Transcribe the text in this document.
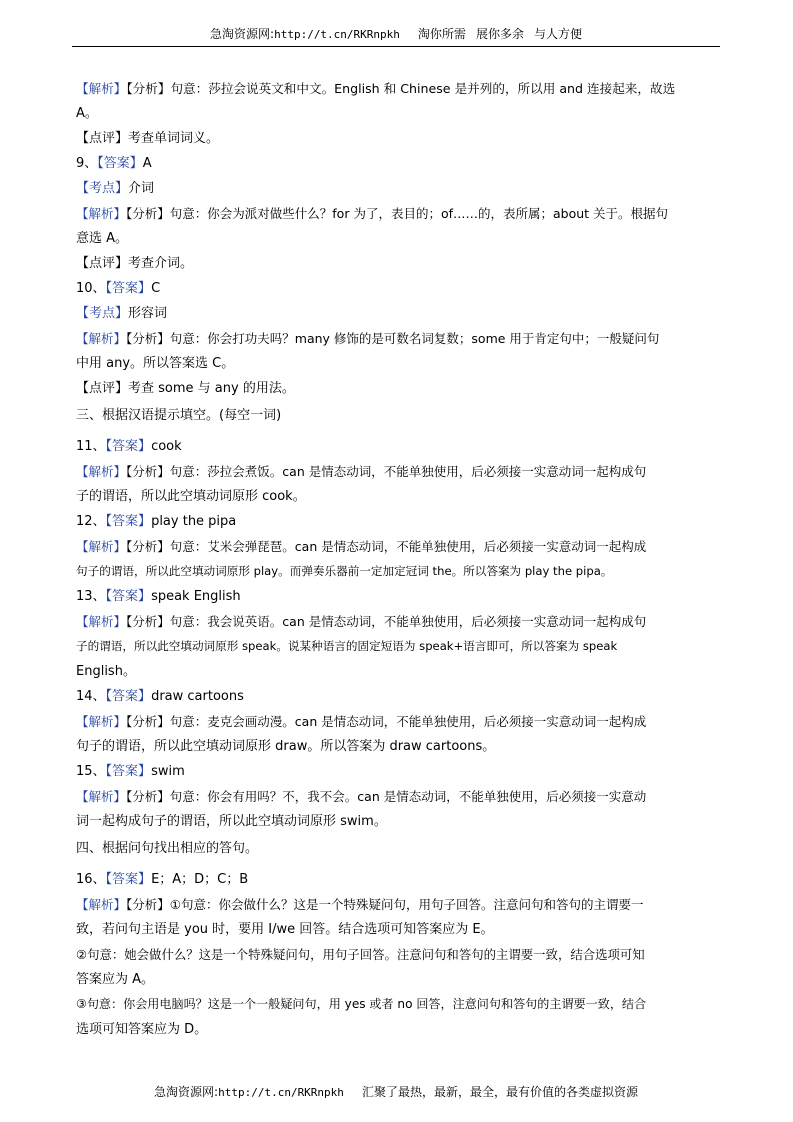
急淘资源网:http://t.cn/RKRnpkh 淘你所需 展你多余 与人方便
【解析】【分析】句意：莎拉会说英文和中文。English 和 Chinese 是并列的，所以用 and 连接起来，故选
A。
【点评】考查单词词义。
9、【答案】A
【考点】介词
【解析】【分析】句意：你会为派对做些什么？for 为了，表目的；of……的，表所属；about 关于。根据句
意选 A。
【点评】考查介词。
10、【答案】C
【考点】形容词
【解析】【分析】句意：你会打功夫吗？many 修饰的是可数名词复数；some 用于肯定句中；一般疑问句
中用 any。所以答案选 C。
【点评】考查 some 与 any 的用法。
三、根据汉语提示填空。(每空一词)
11、【答案】cook
【解析】【分析】句意：莎拉会煮饭。can 是情态动词，不能单独使用，后必须接一实意动词一起构成句
子的谓语，所以此空填动词原形 cook。
12、【答案】play the pipa
【解析】【分析】句意：艾米会弹琵琶。can 是情态动词，不能单独使用，后必须接一实意动词一起构成
句子的谓语，所以此空填动词原形 play。而弹奏乐器前一定加定冠词 the。所以答案为 play the pipa。
13、【答案】speak English
【解析】【分析】句意：我会说英语。can 是情态动词，不能单独使用，后必须接一实意动词一起构成句
子的谓语，所以此空填动词原形 speak。说某种语言的固定短语为 speak+语言即可，所以答案为 speak
English。
14、【答案】draw cartoons
【解析】【分析】句意：麦克会画动漫。can 是情态动词，不能单独使用，后必须接一实意动词一起构成
句子的谓语，所以此空填动词原形 draw。所以答案为 draw cartoons。
15、【答案】swim
【解析】【分析】句意：你会有用吗？不，我不会。can 是情态动词，不能单独使用，后必须接一实意动
词一起构成句子的谓语，所以此空填动词原形 swim。
四、根据问句找出相应的答句。
16、【答案】E；A；D；C；B
【解析】【分析】①句意：你会做什么？这是一个特殊疑问句，用句子回答。注意问句和答句的主谓要一
致，若问句主语是 you 时，要用 I/we 回答。结合选项可知答案应为 E。
②句意：她会做什么？这是一个特殊疑问句，用句子回答。注意问句和答句的主谓要一致，结合选项可知
答案应为 A。
③句意：你会用电脑吗？这是一个一般疑问句，用 yes 或者 no 回答，注意问句和答句的主谓要一致，结合
选项可知答案应为 D。
急淘资源网:http://t.cn/RKRnpkh 汇聚了最热，最新，最全，最有价值的各类虚拟资源
